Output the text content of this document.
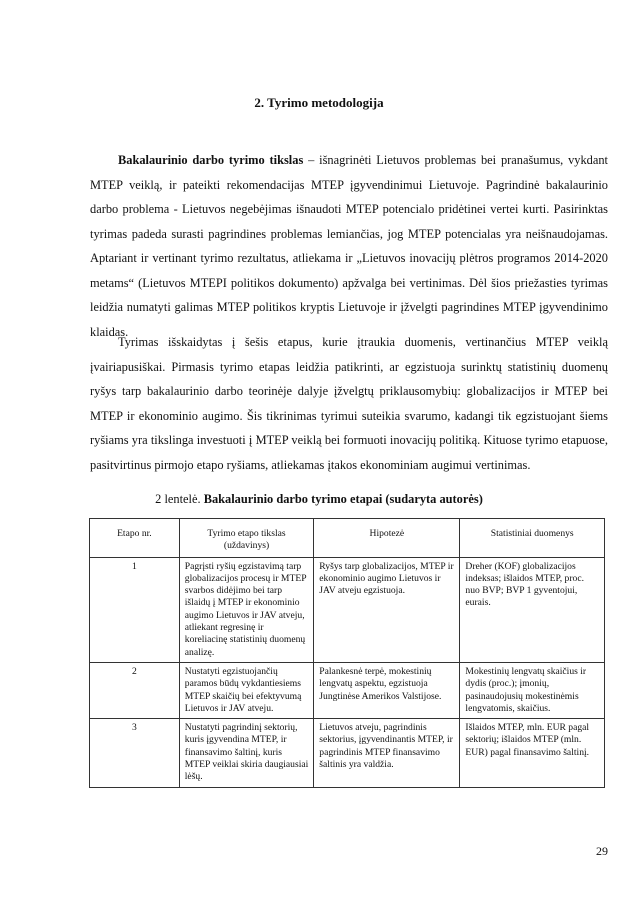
2. Tyrimo metodologija
Bakalaurinio darbo tyrimo tikslas – išnagrinėti Lietuvos problemas bei pranašumus, vykdant MTEP veiklą, ir pateikti rekomendacijas MTEP įgyvendinimui Lietuvoje. Pagrindinė bakalaurinio darbo problema - Lietuvos negebėjimas išnaudoti MTEP potencialo pridėtinei vertei kurti. Pasirinktas tyrimas padeda surasti pagrindines problemas lemiančias, jog MTEP potencialas yra neišnaudojamas. Aptariant ir vertinant tyrimo rezultatus, atliekama ir „Lietuvos inovacijų plėtros programos 2014-2020 metams“ (Lietuvos MTEPI politikos dokumento) apžvalga bei vertinimas. Dėl šios priežasties tyrimas leidžia numatyti galimas MTEP politikos kryptis Lietuvoje ir įžvelgti pagrindines MTEP įgyvendinimo klaidas.
Tyrimas išskaidytas į šešis etapus, kurie įtraukia duomenis, vertinančius MTEP veiklą įvairiapusiškai. Pirmasis tyrimo etapas leidžia patikrinti, ar egzistuoja surinktų statistinių duomenų ryšys tarp bakalaurinio darbo teorinėje dalyje įžvelgtų priklausomybių: globalizacijos ir MTEP bei MTEP ir ekonominio augimo. Šis tikrinimas tyrimui suteikia svarumo, kadangi tik egzistuojant šiems ryšiams yra tikslinga investuoti į MTEP veiklą bei formuoti inovacijų politiką. Kituose tyrimo etapuose, pasitvirtinus pirmojo etapo ryšiams, atliekamas įtakos ekonominiam augimui vertinimas.
2 lentelė. Bakalaurinio darbo tyrimo etapai (sudaryta autorės)
Etapo nr.	Tyrimo etapo tikslas (uždavinys)	Hipotezė	Statistiniai duomenys
1	Pagrįsti ryšių egzistavimą tarp globalizacijos procesų ir MTEP svarbos didėjimo bei tarp išlaidų į MTEP ir ekonominio augimo Lietuvos ir JAV atveju, atliekant regresinę ir koreliacinę statistinių duomenų analizę.	Ryšys tarp globalizacijos, MTEP ir ekonominio augimo Lietuvos ir JAV atveju egzistuoja.	Dreher (KOF) globalizacijos indeksas; išlaidos MTEP, proc. nuo BVP; BVP 1 gyventojui, eurais.
2	Nustatyti egzistuojančių paramos būdų vykdantiesiems MTEP skaičių bei efektyvumą Lietuvos ir JAV atveju.	Palankesnė terpė, mokestinių lengvatų aspektu, egzistuoja Jungtinėse Amerikos Valstijose.	Mokestinių lengvatų skaičius ir dydis (proc.); įmonių, pasinaudojusių mokestinėmis lengvatomis, skaičius.
3	Nustatyti pagrindinį sektorių, kuris įgyvendina MTEP, ir finansavimo šaltinį, kuris MTEP veiklai skiria daugiausiai lėšų.	Lietuvos atveju, pagrindinis sektorius, įgyvendinantis MTEP, ir pagrindinis MTEP finansavimo šaltinis yra valdžia.	Išlaidos MTEP, mln. EUR pagal sektorių; išlaidos MTEP (mln. EUR) pagal finansavimo šaltinį.
29
